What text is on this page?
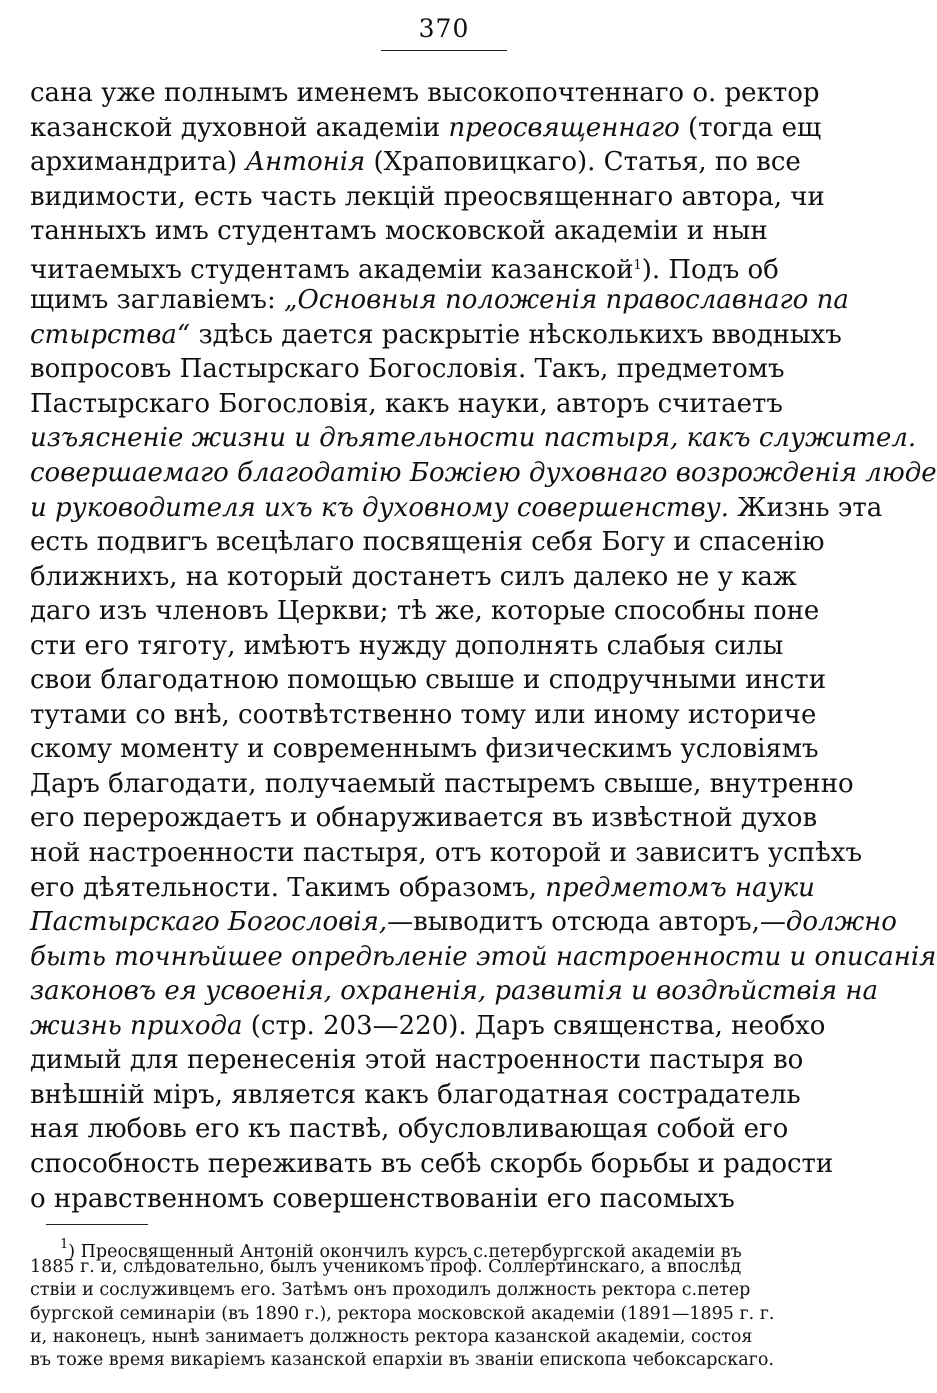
370
сана уже полнымъ именемъ высокопочтеннаго о. ректор
казанской духовной академіи преосвященнаго (тогда ещ
архимандрита) Антонія (Храповицкаго). Статья, по все
видимости, есть часть лекцій преосвященнаго автора, чи
танныхъ имъ студентамъ московской академіи и нын
читаемыхъ студентамъ академіи казанской$^1$). Подъ об
щимъ заглавіемъ: „Основныя положенія православнаго па
стырства“ здѣсь дается раскрытіе нѣсколькихъ вводныхъ
вопросовъ Пастырскаго Богословія. Такъ, предметомъ
Пастырскаго Богословія, какъ науки, авторъ считаетъ
изъясненіе жизни и дѣятельности пастыря, какъ служител.
совершаемаго благодатію Божіею духовнаго возрожденія люде
и руководителя ихъ къ духовному совершенству. Жизнь эта
есть подвигъ всецѣлаго посвященія себя Богу и спасенію
ближнихъ, на который достанетъ силъ далеко не у каж
даго изъ членовъ Церкви; тѣ же, которые способны поне
сти его тяготу, имѣютъ нужду дополнять слабыя силы
свои благодатною помощью свыше и сподручными инсти
тутами со внѣ, соотвѣтственно тому или иному историче
скому моменту и современнымъ физическимъ условіямъ
Даръ благодати, получаемый пастыремъ свыше, внутренно
его перерождаетъ и обнаруживается въ извѣстной духов
ной настроенности пастыря, отъ которой и зависитъ успѣхъ
его дѣятельности. Такимъ образомъ, предметомъ науки
Пастырскаго Богословія,—выводитъ отсюда авторъ,—должно
быть точнѣйшее опредѣленіе этой настроенности и описанія
законовъ ея усвоенія, охраненія, развитія и воздѣйствія на
жизнь прихода (стр. 203—220). Даръ священства, необхо
димый для перенесенія этой настроенности пастыря во
внѣшній міръ, является какъ благодатная сострадатель
ная любовь его къ паствѣ, обусловливающая собой его
способность переживать въ себѣ скорбь борьбы и радости
о нравственномъ совершенствованіи его пасомыхъ
$^1$) Преосвященный Антоній окончилъ курсъ с.петербургской академіи въ
1885 г. и, слѣдовательно, былъ ученикомъ проф. Соллертинскаго, а впослѣд
ствіи и сослуживцемъ его. Затѣмъ онъ проходилъ должность ректора с.петер
бургской семинаріи (въ 1890 г.), ректора московской академіи (1891—1895 г. г.
и, наконецъ, нынѣ занимаетъ должность ректора казанской академіи, состоя
въ тоже время викаріемъ казанской епархіи въ званіи епископа чебоксарскаго.
